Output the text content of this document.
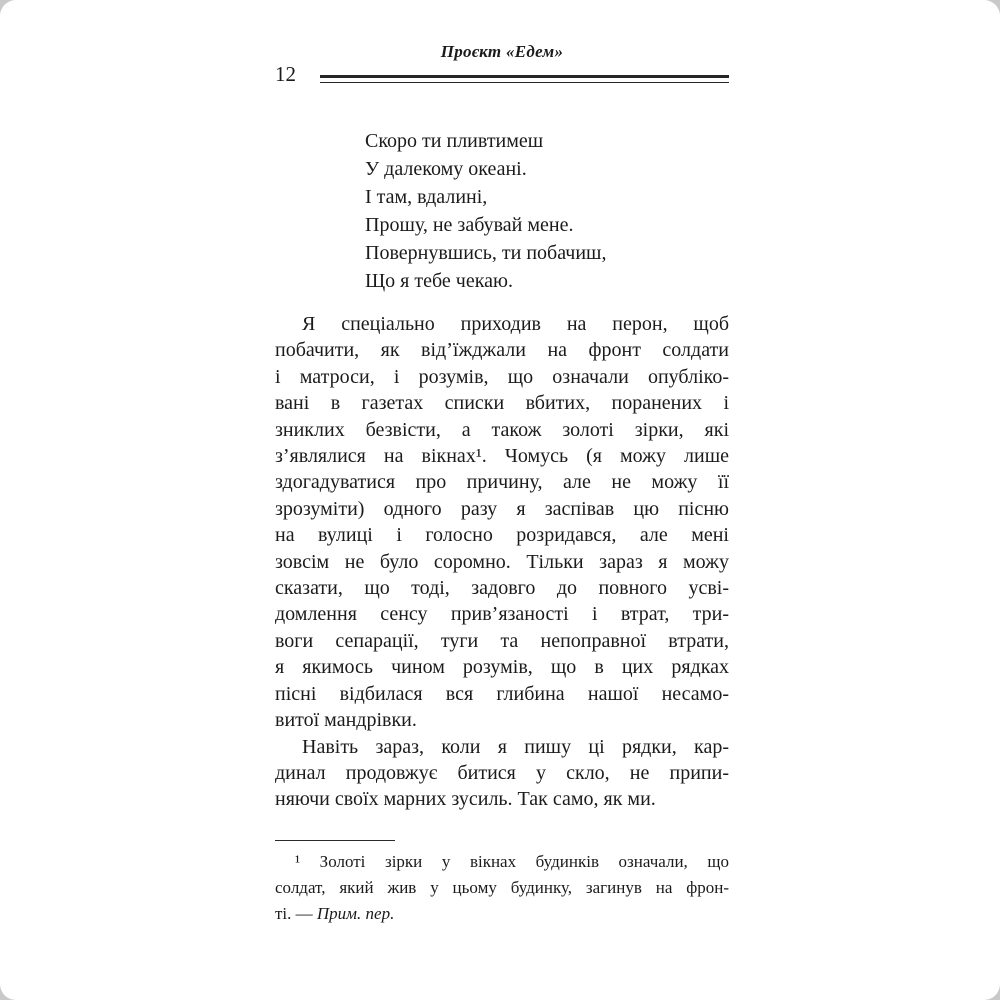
Проєкт «Едем»
12
Скоро ти пливтимеш
У далекому океані.
І там, вдалині,
Прошу, не забувай мене.
Повернувшись, ти побачиш,
Що я тебе чекаю.
Я спеціально приходив на перон, щоб
побачити, як від’їжджали на фронт солдати
і матроси, і розумів, що означали опубліко-
вані в газетах списки вбитих, поранених і
зниклих безвісти, а також золоті зірки, які
з’являлися на вікнах¹. Чомусь (я можу лише
здогадуватися про причину, але не можу її
зрозуміти) одного разу я заспівав цю пісню
на вулиці і голосно розридався, але мені
зовсім не було соромно. Тільки зараз я можу
сказати, що тоді, задовго до повного усві-
домлення сенсу прив’язаності і втрат, три-
воги сепарації, туги та непоправної втрати,
я якимось чином розумів, що в цих рядках
пісні відбилася вся глибина нашої несамо-
витої мандрівки.
Навіть зараз, коли я пишу ці рядки, кар-
динал продовжує битися у скло, не припи-
няючи своїх марних зусиль. Так само, як ми.
¹ Золоті зірки у вікнах будинків означали, що
солдат, який жив у цьому будинку, загинув на фрон-
ті. — Прим. пер.
